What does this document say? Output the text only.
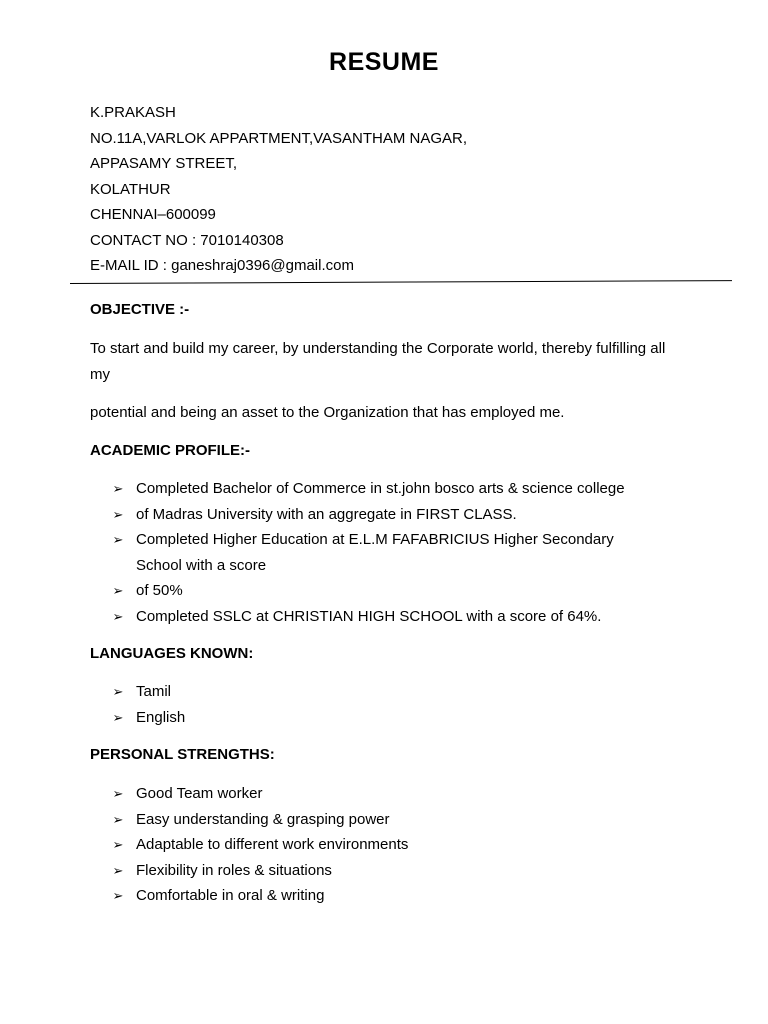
RESUME
K.PRAKASH
NO.11A,VARLOK APPARTMENT,VASANTHAM NAGAR,
APPASAMY STREET,
KOLATHUR
CHENNAI–600099
CONTACT NO : 7010140308
E-MAIL ID : ganeshraj0396@gmail.com
OBJECTIVE :-
To start and build my career, by understanding the Corporate world, thereby fulfilling all my
potential and being an asset to the Organization that has employed me.
ACADEMIC PROFILE:-
➢ Completed Bachelor of Commerce in st.john bosco arts & science college
➢ of Madras University with an aggregate in FIRST CLASS.
➢ Completed Higher Education at E.L.M FAFABRICIUS Higher Secondary School with a score
➢ of 50%
➢ Completed SSLC at CHRISTIAN HIGH SCHOOL with a score of 64%.
LANGUAGES KNOWN:
➢ Tamil
➢ English
PERSONAL STRENGTHS:
➢ Good Team worker
➢ Easy understanding & grasping power
➢ Adaptable to different work environments
➢ Flexibility in roles & situations
➢ Comfortable in oral & writing
